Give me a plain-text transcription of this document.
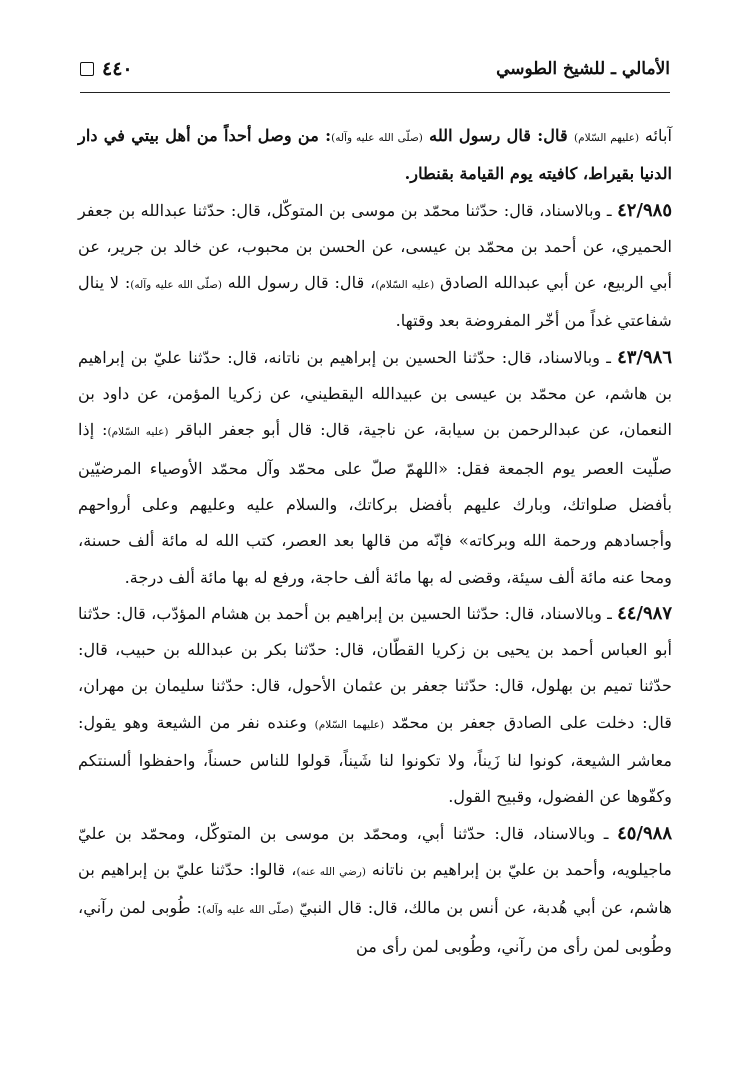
٤٤٠	الأمالي ـ للشيخ الطوسي

آبائه (عليهم السّلام) قال: قال رسول الله (صلّى الله عليه وآله): من وصل أحداً من أهل بيتي في دار الدنيا بقيراط، كافيته يوم القيامة بقنطار.

٤٢/٩٨٥ ـ وبالاسناد، قال: حدّثنا محمّد بن موسى بن المتوكّل، قال: حدّثنا عبدالله بن جعفر الحميري، عن أحمد بن محمّد بن عيسى، عن الحسن بن محبوب، عن خالد بن جرير، عن أبي الربيع، عن أبي عبدالله الصادق (عليه السّلام)، قال: قال رسول الله (صلّى الله عليه وآله): لا ينال شفاعتي غداً من أخّر المفروضة بعد وقتها.

٤٣/٩٨٦ ـ وبالاسناد، قال: حدّثنا الحسين بن إبراهيم بن ناتانه، قال: حدّثنا عليّ بن إبراهيم بن هاشم، عن محمّد بن عيسى بن عبيدالله اليقطيني، عن زكريا المؤمن، عن داود بن النعمان، عن عبدالرحمن بن سيابة، عن ناجية، قال: قال أبو جعفر الباقر (عليه السّلام): إذا صلّيت العصر يوم الجمعة فقل: «اللهمّ صلّ على محمّد وآل محمّد الأوصياء المرضيّين بأفضل صلواتك، وبارك عليهم بأفضل بركاتك، والسلام عليه وعليهم وعلى أرواحهم وأجسادهم ورحمة الله وبركاته» فإنّه من قالها بعد العصر، كتب الله له مائة ألف حسنة، ومحا عنه مائة ألف سيئة، وقضى له بها مائة ألف حاجة، ورفع له بها مائة ألف درجة.

٤٤/٩٨٧ ـ وبالاسناد، قال: حدّثنا الحسين بن إبراهيم بن أحمد بن هشام المؤدّب، قال: حدّثنا أبو العباس أحمد بن يحيى بن زكريا القطّان، قال: حدّثنا بكر بن عبدالله بن حبيب، قال: حدّثنا تميم بن بهلول، قال: حدّثنا جعفر بن عثمان الأحول، قال: حدّثنا سليمان بن مهران، قال: دخلت على الصادق جعفر بن محمّد (عليهما السّلام) وعنده نفر من الشيعة وهو يقول: معاشر الشيعة، كونوا لنا زَيناً، ولا تكونوا لنا شَيناً، قولوا للناس حسناً، واحفظوا ألسنتكم وكفّوها عن الفضول، وقبيح القول.

٤٥/٩٨٨ ـ وبالاسناد، قال: حدّثنا أبي، ومحمّد بن موسى بن المتوكّل، ومحمّد بن عليّ ماجيلويه، وأحمد بن عليّ بن إبراهيم بن ناتانه (رضي الله عنه)، قالوا: حدّثنا عليّ بن إبراهيم بن هاشم، عن أبي هُدبة، عن أنس بن مالك، قال: قال النبيّ (صلّى الله عليه وآله): طُوبى لمن رآني، وطُوبى لمن رأى من رآني، وطُوبى لمن رأى من
